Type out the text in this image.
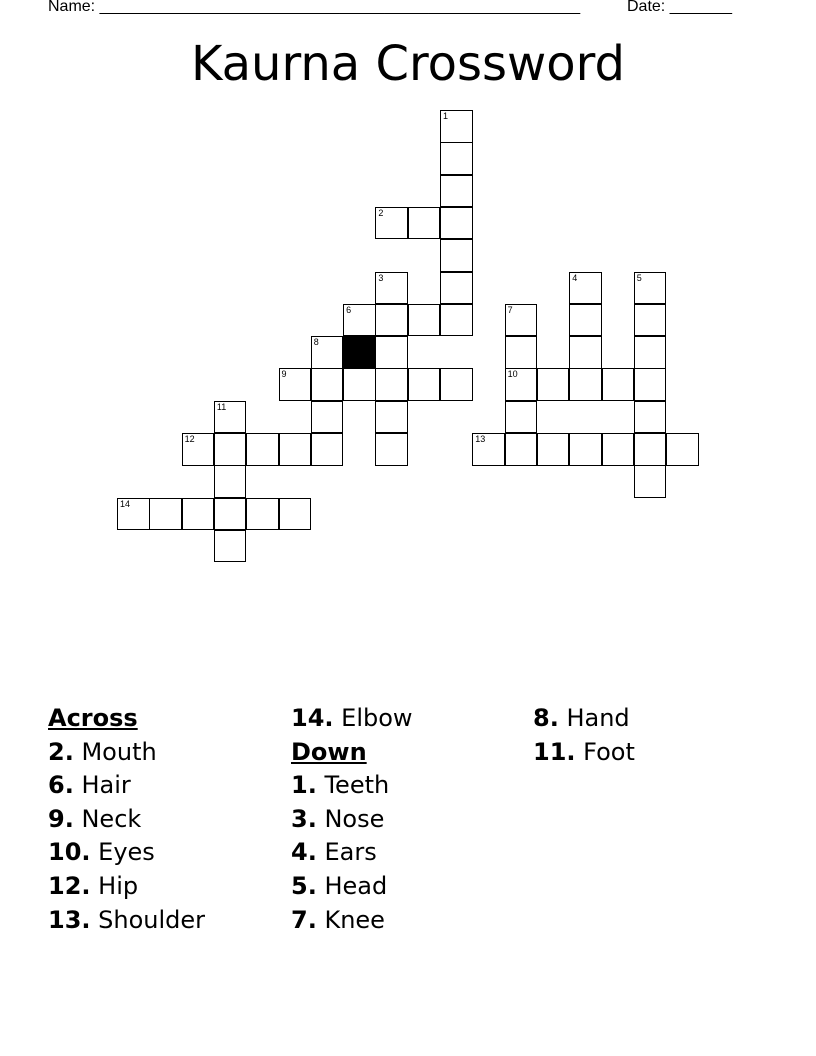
Name: ______________________________________________________	Date: _______
Kaurna Crossword
1
2
3	4	5
6	7
8
9	10
11
12	13
14
Across
2. Mouth
6. Hair
9. Neck
10. Eyes
12. Hip
13. Shoulder
14. Elbow
Down
1. Teeth
3. Nose
4. Ears
5. Head
7. Knee
8. Hand
11. Foot
